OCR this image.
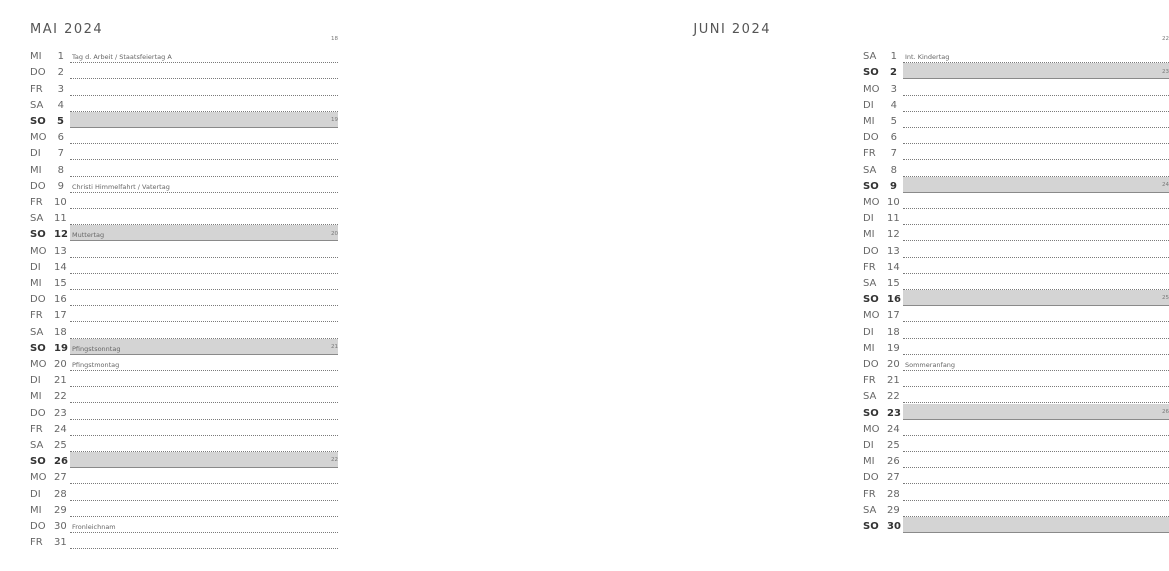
MAI 2024
MI	1 Tag d. Arbeit / Staatsfeiertag A
18
DO	2
FR	3
SA	4
SO	5
MO	6
19
DI	7
MI	8
DO	9 Christi Himmelfahrt / Vatertag
FR	10
SA	11
SO 12 Muttertag
MO 13
20
DI	14
MI	15
DO 16
FR	17
SA	18
SO 19 Pfingstsonntag
MO 20 Pfingstmontag
21
DI	21
MI	22
DO 23
FR	24
SA	25
SO 26
MO 27
22
DI	28
MI	29
DO 30 Fronleichnam
FR	31
JUNI 2024
SA	1 Int. Kindertag
22
SO	2
MO	3
23
DI	4
MI	5
DO	6
FR	7
SA	8
SO	9
MO 10
24
DI	11
MI	12
DO 13
FR	14
SA	15
SO 16
MO 17
25
DI	18
MI	19
DO 20 Sommeranfang
FR	21
SA	22
SO 23
MO 24
26
DI	25
MI	26
DO 27
FR	28
SA	29
SO 30
